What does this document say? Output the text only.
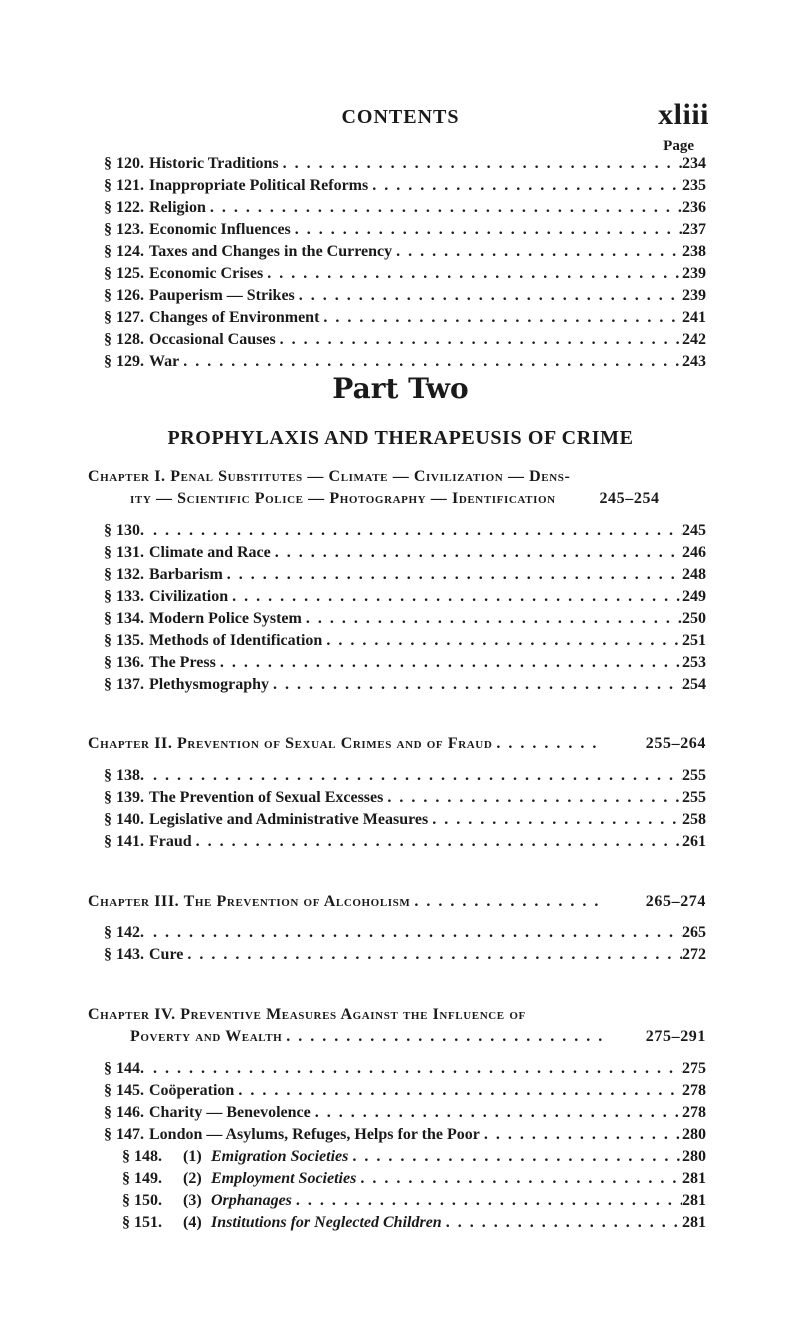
CONTENTS	xliii
Page
§ 120. Historic Traditions . . .	234
§ 121. Inappropriate Political Reforms . . .	235
§ 122. Religion . . .	236
§ 123. Economic Influences . . .	237
§ 124. Taxes and Changes in the Currency . . .	238
§ 125. Economic Crises . . .	239
§ 126. Pauperism — Strikes . . .	239
§ 127. Changes of Environment . . .	241
§ 128. Occasional Causes . . .	242
§ 129. War . . .	243
Part Two
PROPHYLAXIS AND THERAPEUSIS OF CRIME
Chapter I. Penal Substitutes — Climate — Civilization — Dens-
ity — Scientific Police — Photography — Identification	245–254
§ 130. . . .	245
§ 131. Climate and Race . . .	246
§ 132. Barbarism . . .	248
§ 133. Civilization . . .	249
§ 134. Modern Police System . . .	250
§ 135. Methods of Identification . . .	251
§ 136. The Press . . .	253
§ 137. Plethysmography . . .	254
Chapter II. Prevention of Sexual Crimes and of Fraud . . .	255–264
§ 138. . . .	255
§ 139. The Prevention of Sexual Excesses . . .	255
§ 140. Legislative and Administrative Measures . . .	258
§ 141. Fraud . . .	261
Chapter III. The Prevention of Alcoholism . . .	265–274
§ 142. . . .	265
§ 143. Cure . . .	272
Chapter IV. Preventive Measures Against the Influence of
Poverty and Wealth . . .	275–291
§ 144. . . .	275
§ 145. Coöperation . . .	278
§ 146. Charity — Benevolence . . .	278
§ 147. London — Asylums, Refuges, Helps for the Poor . . .	280
§ 148.	(1) Emigration Societies . . .	280
§ 149.	(2) Employment Societies . . .	281
§ 150.	(3) Orphanages . . .	281
§ 151.	(4) Institutions for Neglected Children . . .	281
